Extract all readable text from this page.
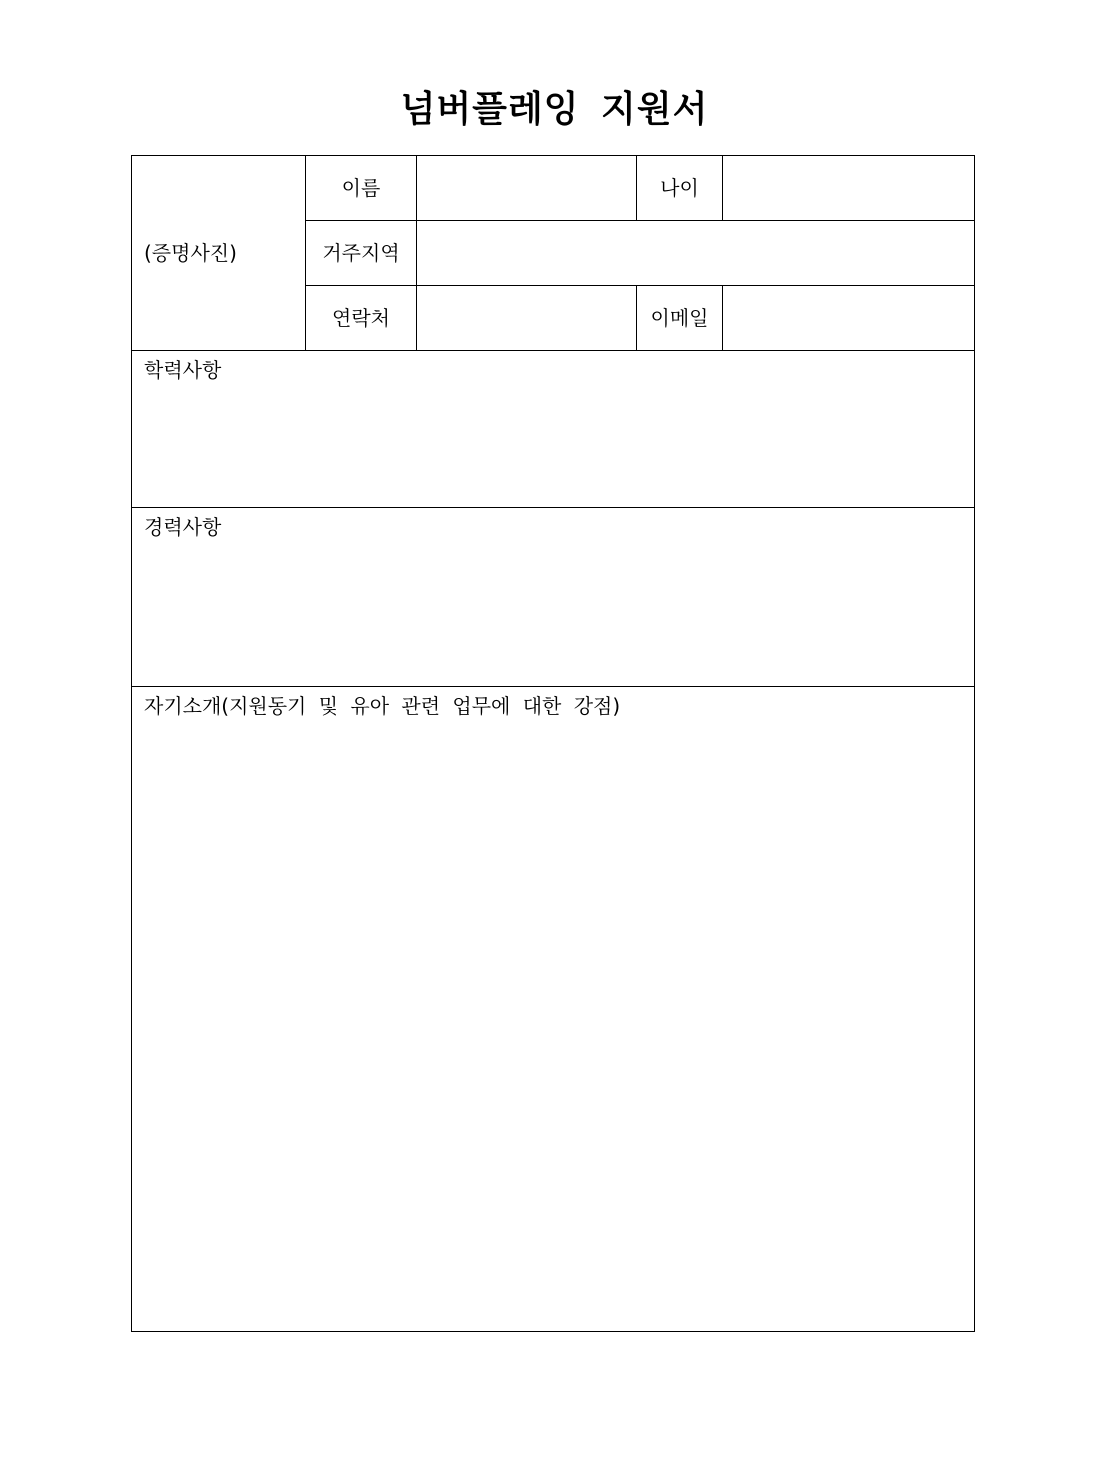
넘버플레잉 지원서
(증명사진)	이름		나이	
	거주지역			
	연락처		이메일	
학력사항				
경력사항				
자기소개(지원동기 및 유아 관련 업무에 대한 강점)				
